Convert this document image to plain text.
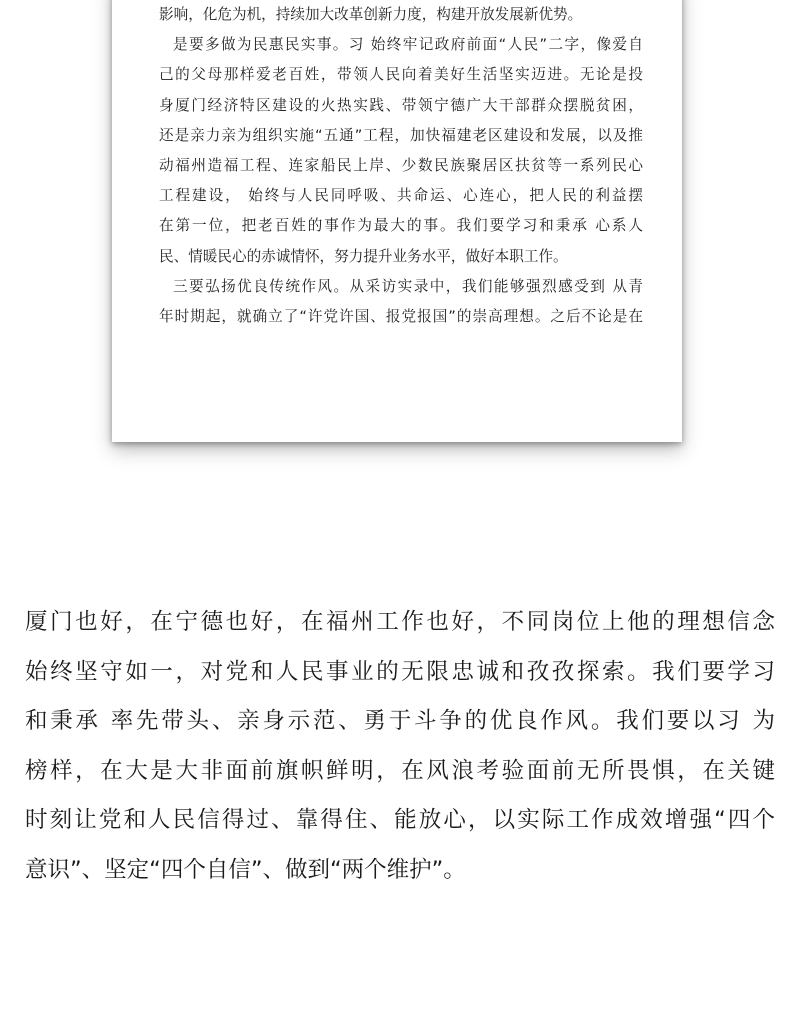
影响，化危为机，持续加大改革创新力度，构建开放发展新优势。
是要多做为民惠民实事。习 始终牢记政府前面“人民”二字，像爱自
己的父母那样爱老百姓，带领人民向着美好生活坚实迈进。无论是投
身厦门经济特区建设的火热实践、带领宁德广大干部群众摆脱贫困，
还是亲力亲为组织实施“五通”工程，加快福建老区建设和发展，以及推
动福州造福工程、连家船民上岸、少数民族聚居区扶贫等一系列民心
工程建设， 始终与人民同呼吸、共命运、心连心，把人民的利益摆
在第一位，把老百姓的事作为最大的事。我们要学习和秉承 心系人
民、情暖民心的赤诚情怀，努力提升业务水平，做好本职工作。
三要弘扬优良传统作风。从采访实录中，我们能够强烈感受到 从青
年时期起，就确立了“许党许国、报党报国”的崇高理想。之后不论是在
厦门也好，在宁德也好，在福州工作也好，不同岗位上他的理想信念
始终坚守如一，对党和人民事业的无限忠诚和孜孜探索。我们要学习
和秉承 率先带头、亲身示范、勇于斗争的优良作风。我们要以习 为
榜样，在大是大非面前旗帜鲜明，在风浪考验面前无所畏惧，在关键
时刻让党和人民信得过、靠得住、能放心，以实际工作成效增强“四个
意识”、坚定“四个自信”、做到“两个维护”。
